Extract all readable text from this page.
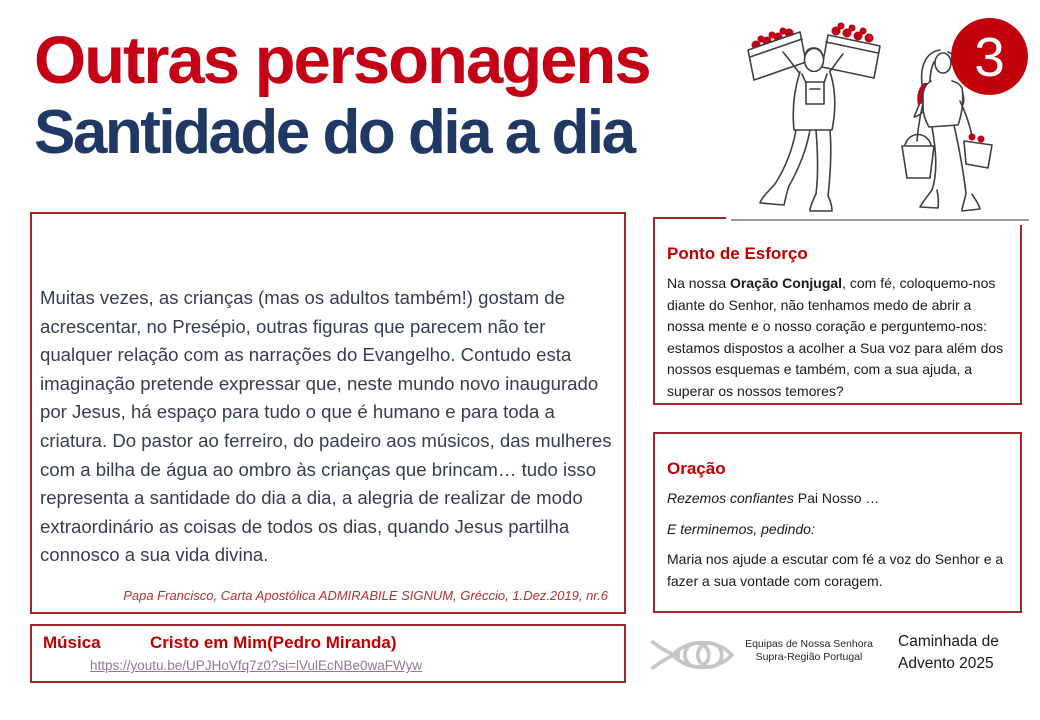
Outras personagens
Santidade do dia a dia
3
Muitas vezes, as crianças (mas os adultos também!) gostam de acrescentar, no Presépio, outras figuras que parecem não ter qualquer relação com as narrações do Evangelho. Contudo esta imaginação pretende expressar que, neste mundo novo inaugurado por Jesus, há espaço para tudo o que é humano e para toda a criatura. Do pastor ao ferreiro, do padeiro aos músicos, das mulheres com a bilha de água ao ombro às crianças que brincam… tudo isso representa a santidade do dia a dia, a alegria de realizar de modo extraordinário as coisas de todos os dias, quando Jesus partilha connosco a sua vida divina.
Papa Francisco, Carta Apostólica ADMIRABILE SIGNUM, Gréccio, 1.Dez.2019, nr.6
Ponto de Esforço
Na nossa Oração Conjugal, com fé, coloquemo-nos diante do Senhor, não tenhamos medo de abrir a nossa mente e o nosso coração e perguntemo-nos: estamos dispostos a acolher a Sua voz para além dos nossos esquemas e também, com a sua ajuda, a superar os nossos temores?
Oração

Rezemos confiantes Pai Nosso …

E terminemos, pedindo:

Maria nos ajude a escutar com fé a voz do Senhor e a fazer a sua vontade com coragem.

Música	Cristo em Mim(Pedro Miranda)
https://youtu.be/UPJHoVfq7z0?si=lVulEcNBe0waFWyw
Equipas de Nossa Senhora
Supra-Região Portugal
Caminhada de
Advento 2025
